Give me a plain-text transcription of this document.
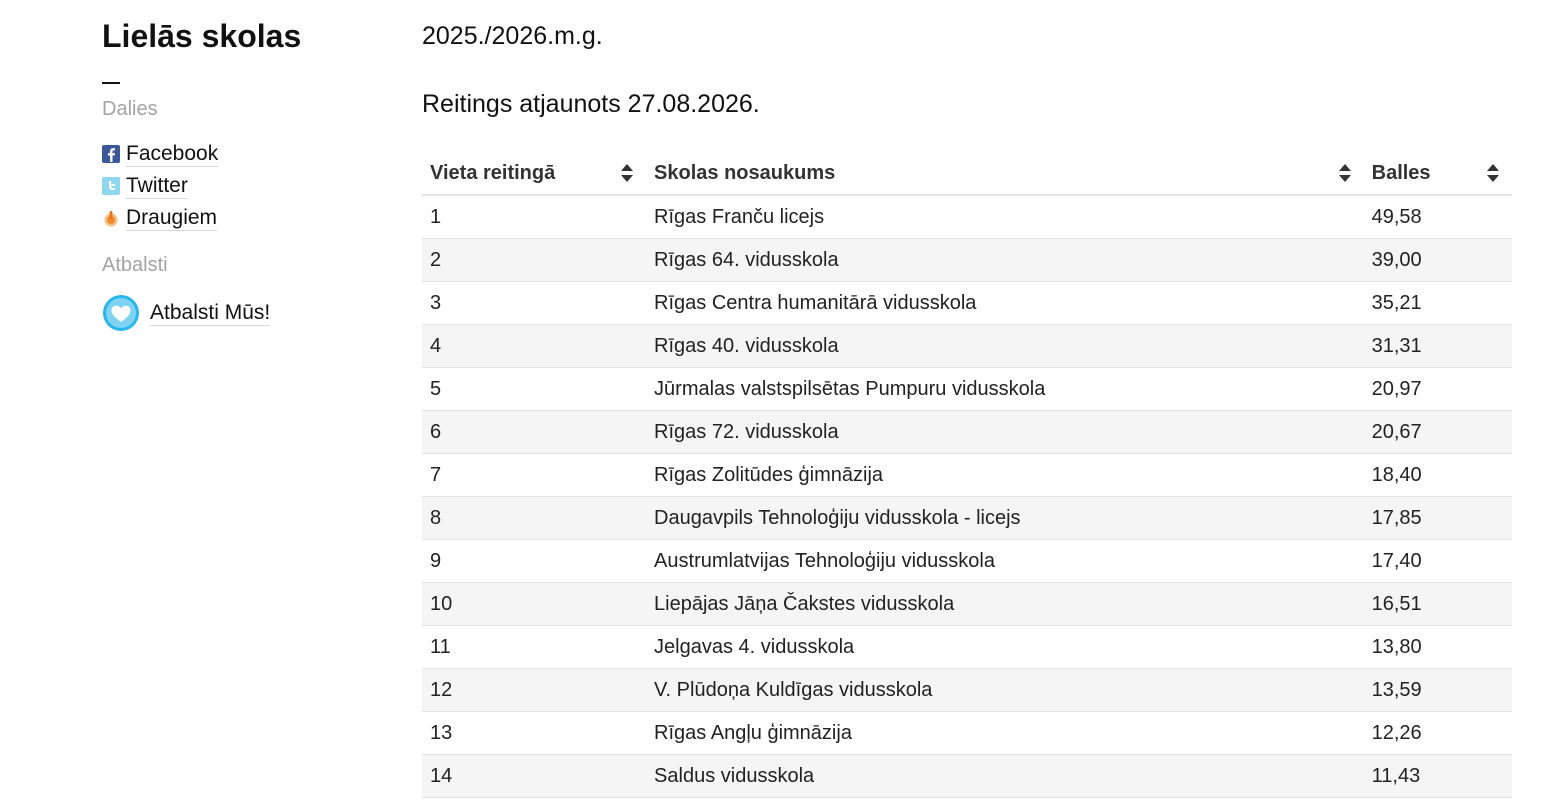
Lielās skolas
Dalies
Facebook
Twitter
Draugiem
Atbalsti
Atbalsti Mūs!

2025./2026.m.g.

Reitings atjaunots 27.08.2026.

Vieta reitingā	Skolas nosaukums	Balles

1	Rīgas Franču licejs	49,58
2	Rīgas 64. vidusskola	39,00
3	Rīgas Centra humanitārā vidusskola	35,21
4	Rīgas 40. vidusskola	31,31
5	Jūrmalas valstspilsētas Pumpuru vidusskola	20,97
6	Rīgas 72. vidusskola	20,67
7	Rīgas Zolitūdes ģimnāzija	18,40
8	Daugavpils Tehnoloģiju vidusskola - licejs	17,85
9	Austrumlatvijas Tehnoloģiju vidusskola	17,40
10	Liepājas Jāņa Čakstes vidusskola	16,51
11	Jelgavas 4. vidusskola	13,80
12	V. Plūdoņa Kuldīgas vidusskola	13,59
13	Rīgas Angļu ģimnāzija	12,26
14	Saldus vidusskola	11,43
